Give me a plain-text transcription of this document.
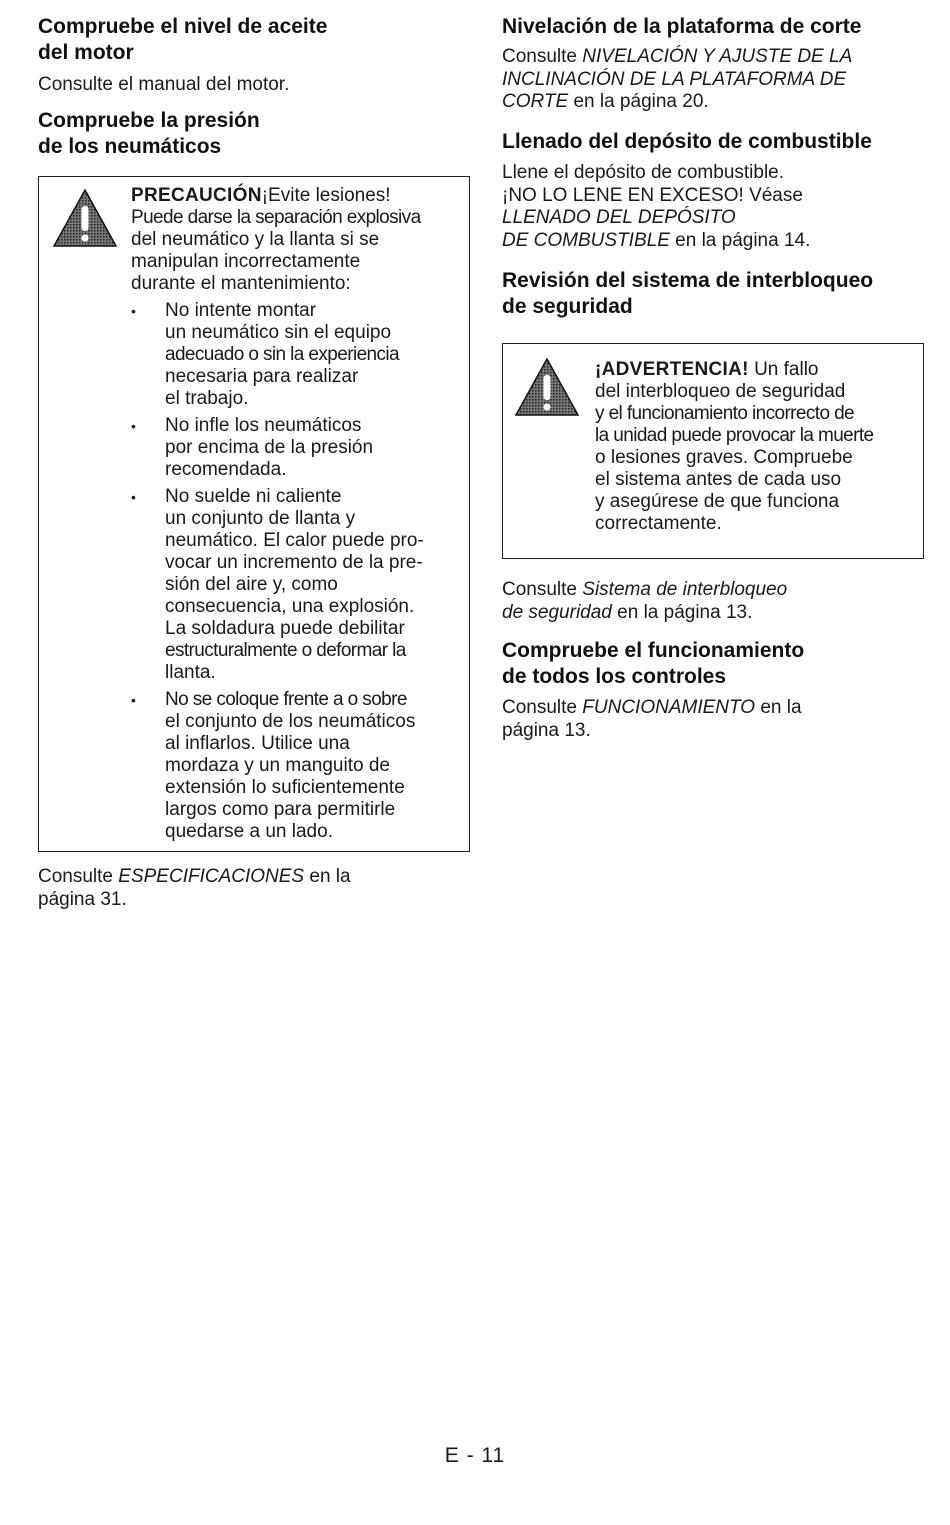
Compruebe el nivel de aceite
del motor

Consulte el manual del motor.

Compruebe la presión
de los neumáticos
PRECAUCIÓN¡Evite lesiones!
Puede darse la separación explosiva
del neumático y la llanta si se
manipulan incorrectamente
durante el mantenimiento:
• No intente montar
un neumático sin el equipo
adecuado o sin la experiencia
necesaria para realizar
el trabajo.
• No infle los neumáticos
por encima de la presión
recomendada.
• No suelde ni caliente
un conjunto de llanta y
neumático. El calor puede pro-
vocar un incremento de la pre-
sión del aire y, como
consecuencia, una explosión.
La soldadura puede debilitar
estructuralmente o deformar la
llanta.
• No se coloque frente a o sobre
el conjunto de los neumáticos
al inflarlos. Utilice una
mordaza y un manguito de
extensión lo suficientemente
largos como para permitirle
quedarse a un lado.

Consulte ESPECIFICACIONES en la
página 31.

Nivelación de la plataforma de corte

Consulte NIVELACIÓN Y AJUSTE DE LA
INCLINACIÓN DE LA PLATAFORMA DE
CORTE en la página 20.

Llenado del depósito de combustible

Llene el depósito de combustible.
¡NO LO LENE EN EXCESO! Véase
LLENADO DEL DEPÓSITO
DE COMBUSTIBLE en la página 14.

Revisión del sistema de interbloqueo
de seguridad
¡ADVERTENCIA! Un fallo
del interbloqueo de seguridad
y el funcionamiento incorrecto de
la unidad puede provocar la muerte
o lesiones graves. Compruebe
el sistema antes de cada uso
y asegúrese de que funciona
correctamente.

Consulte Sistema de interbloqueo
de seguridad en la página 13.

Compruebe el funcionamiento
de todos los controles

Consulte FUNCIONAMIENTO en la
página 13.

E - 11
